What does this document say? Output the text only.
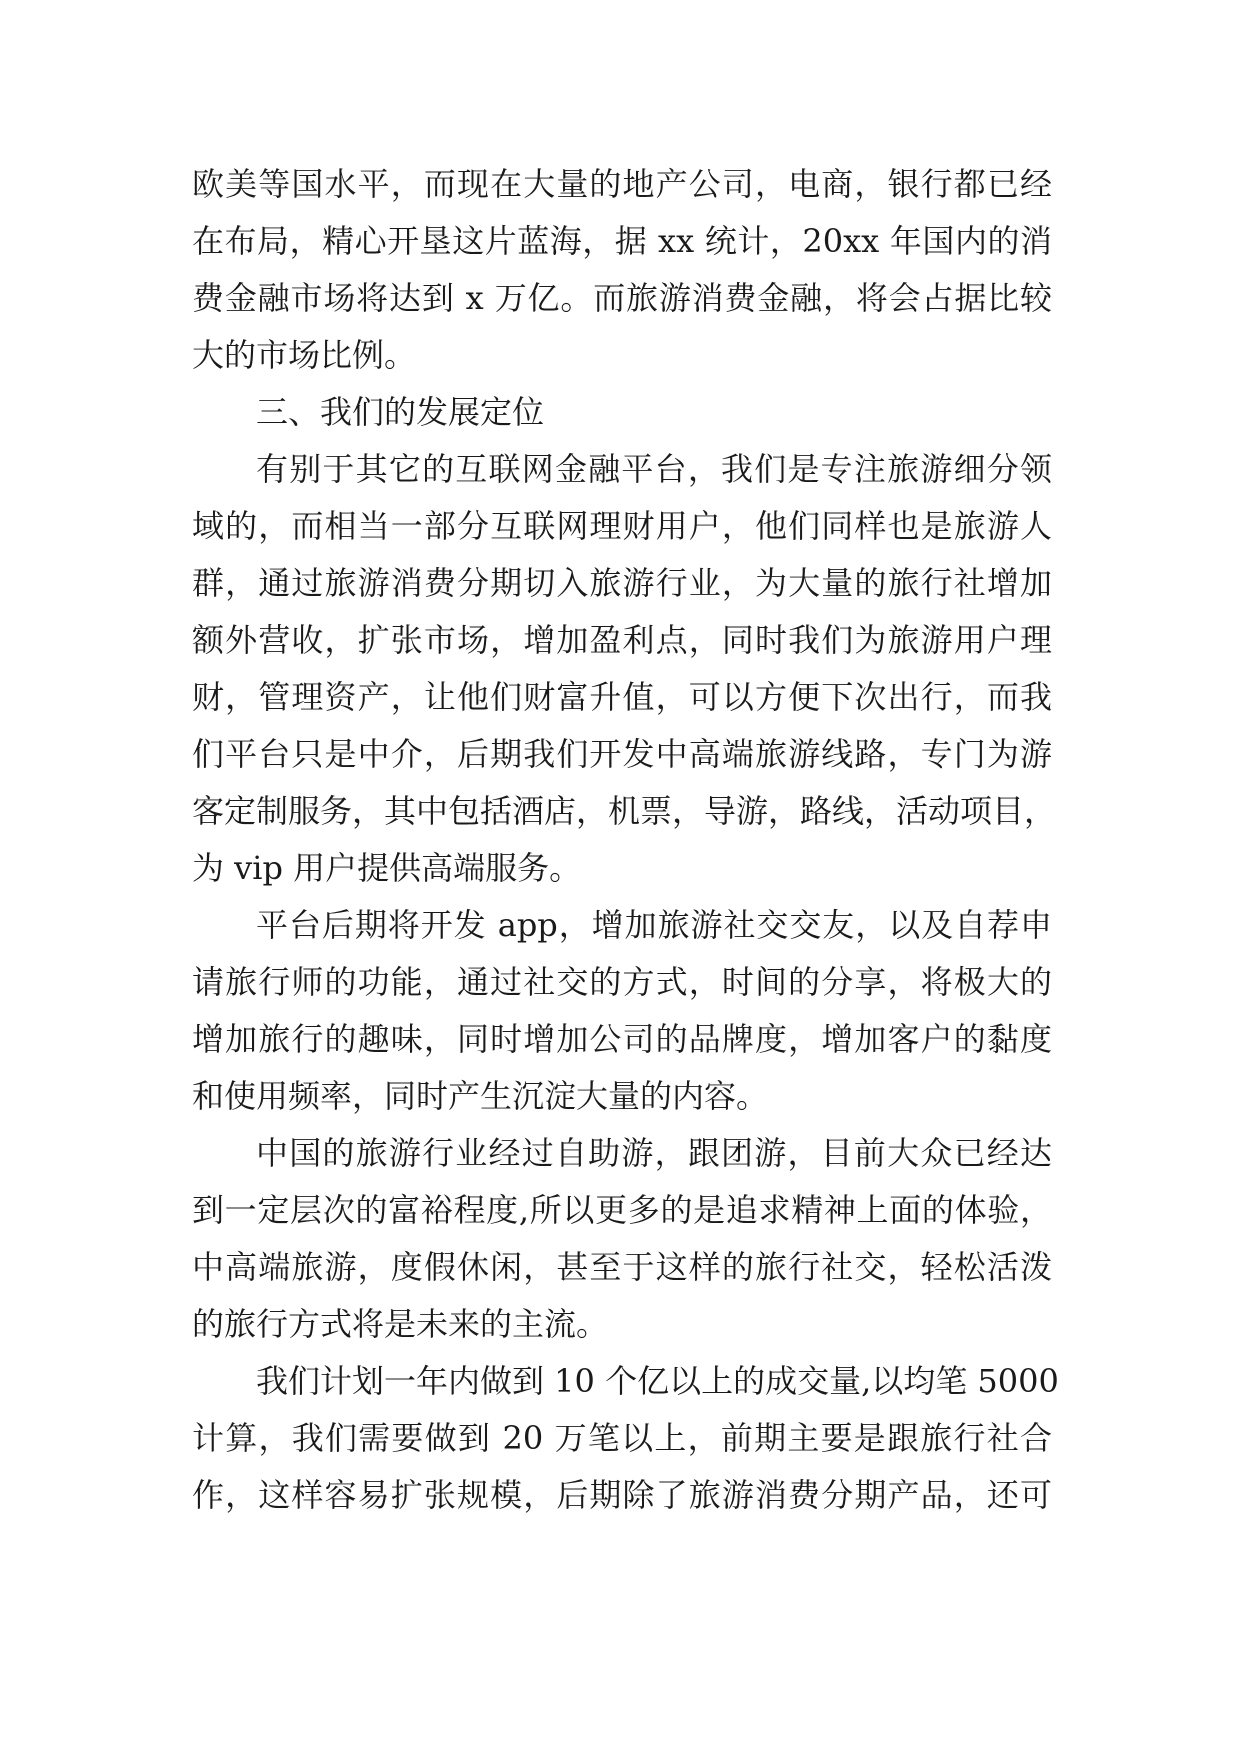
欧美等国水平，而现在大量的地产公司，电商，银行都已经
在布局，精心开垦这片蓝海，据 xx 统计，20xx 年国内的消
费金融市场将达到 x 万亿。而旅游消费金融，将会占据比较
大的市场比例。
三、我们的发展定位
有别于其它的互联网金融平台，我们是专注旅游细分领
域的，而相当一部分互联网理财用户，他们同样也是旅游人
群，通过旅游消费分期切入旅游行业，为大量的旅行社增加
额外营收，扩张市场，增加盈利点，同时我们为旅游用户理
财，管理资产，让他们财富升值，可以方便下次出行，而我
们平台只是中介，后期我们开发中高端旅游线路，专门为游
客定制服务，其中包括酒店，机票，导游，路线，活动项目，
为 vip 用户提供高端服务。
平台后期将开发 app，增加旅游社交交友，以及自荐申
请旅行师的功能，通过社交的方式，时间的分享，将极大的
增加旅行的趣味，同时增加公司的品牌度，增加客户的黏度
和使用频率，同时产生沉淀大量的内容。
中国的旅游行业经过自助游，跟团游，目前大众已经达
到一定层次的富裕程度,所以更多的是追求精神上面的体验，
中高端旅游，度假休闲，甚至于这样的旅行社交，轻松活泼
的旅行方式将是未来的主流。
我们计划一年内做到 10 个亿以上的成交量,以均笔 5000
计算，我们需要做到 20 万笔以上，前期主要是跟旅行社合
作，这样容易扩张规模，后期除了旅游消费分期产品，还可
